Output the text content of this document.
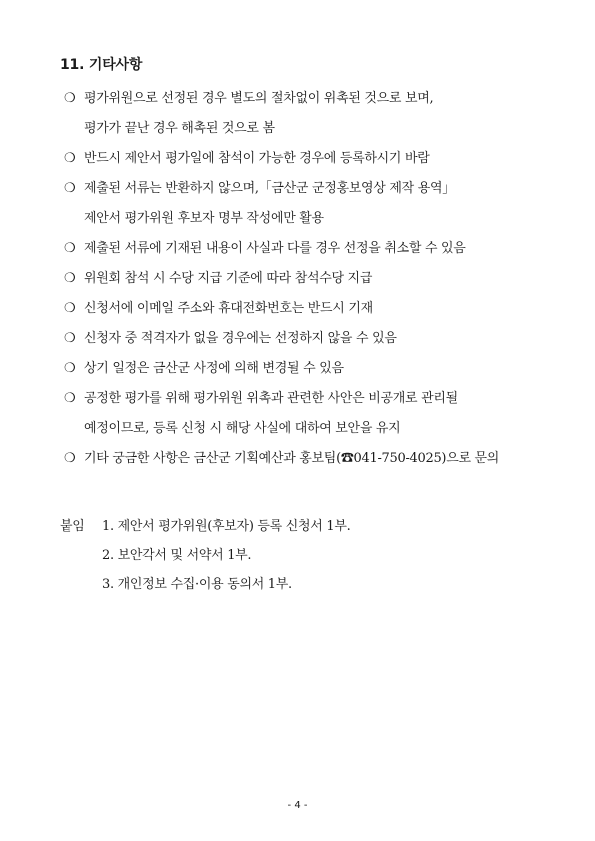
11. 기타사항
❍ 평가위원으로 선정된 경우 별도의 절차없이 위촉된 것으로 보며,
평가가 끝난 경우 해촉된 것으로 봄
❍ 반드시 제안서 평가일에 참석이 가능한 경우에 등록하시기 바람
❍ 제출된 서류는 반환하지 않으며,「금산군 군정홍보영상 제작 용역」
제안서 평가위원 후보자 명부 작성에만 활용
❍ 제출된 서류에 기재된 내용이 사실과 다를 경우 선정을 취소할 수 있음
❍ 위원회 참석 시 수당 지급 기준에 따라 참석수당 지급
❍ 신청서에 이메일 주소와 휴대전화번호는 반드시 기재
❍ 신청자 중 적격자가 없을 경우에는 선정하지 않을 수 있음
❍ 상기 일정은 금산군 사정에 의해 변경될 수 있음
❍ 공정한 평가를 위해 평가위원 위촉과 관련한 사안은 비공개로 관리될
예정이므로, 등록 신청 시 해당 사실에 대하여 보안을 유지
❍ 기타 궁금한 사항은 금산군 기획예산과 홍보팀(☎041-750-4025)으로 문의
붙임	1. 제안서 평가위원(후보자) 등록 신청서 1부.
2. 보안각서 및 서약서 1부.
3. 개인정보 수집·이용 동의서 1부.
- 4 -
